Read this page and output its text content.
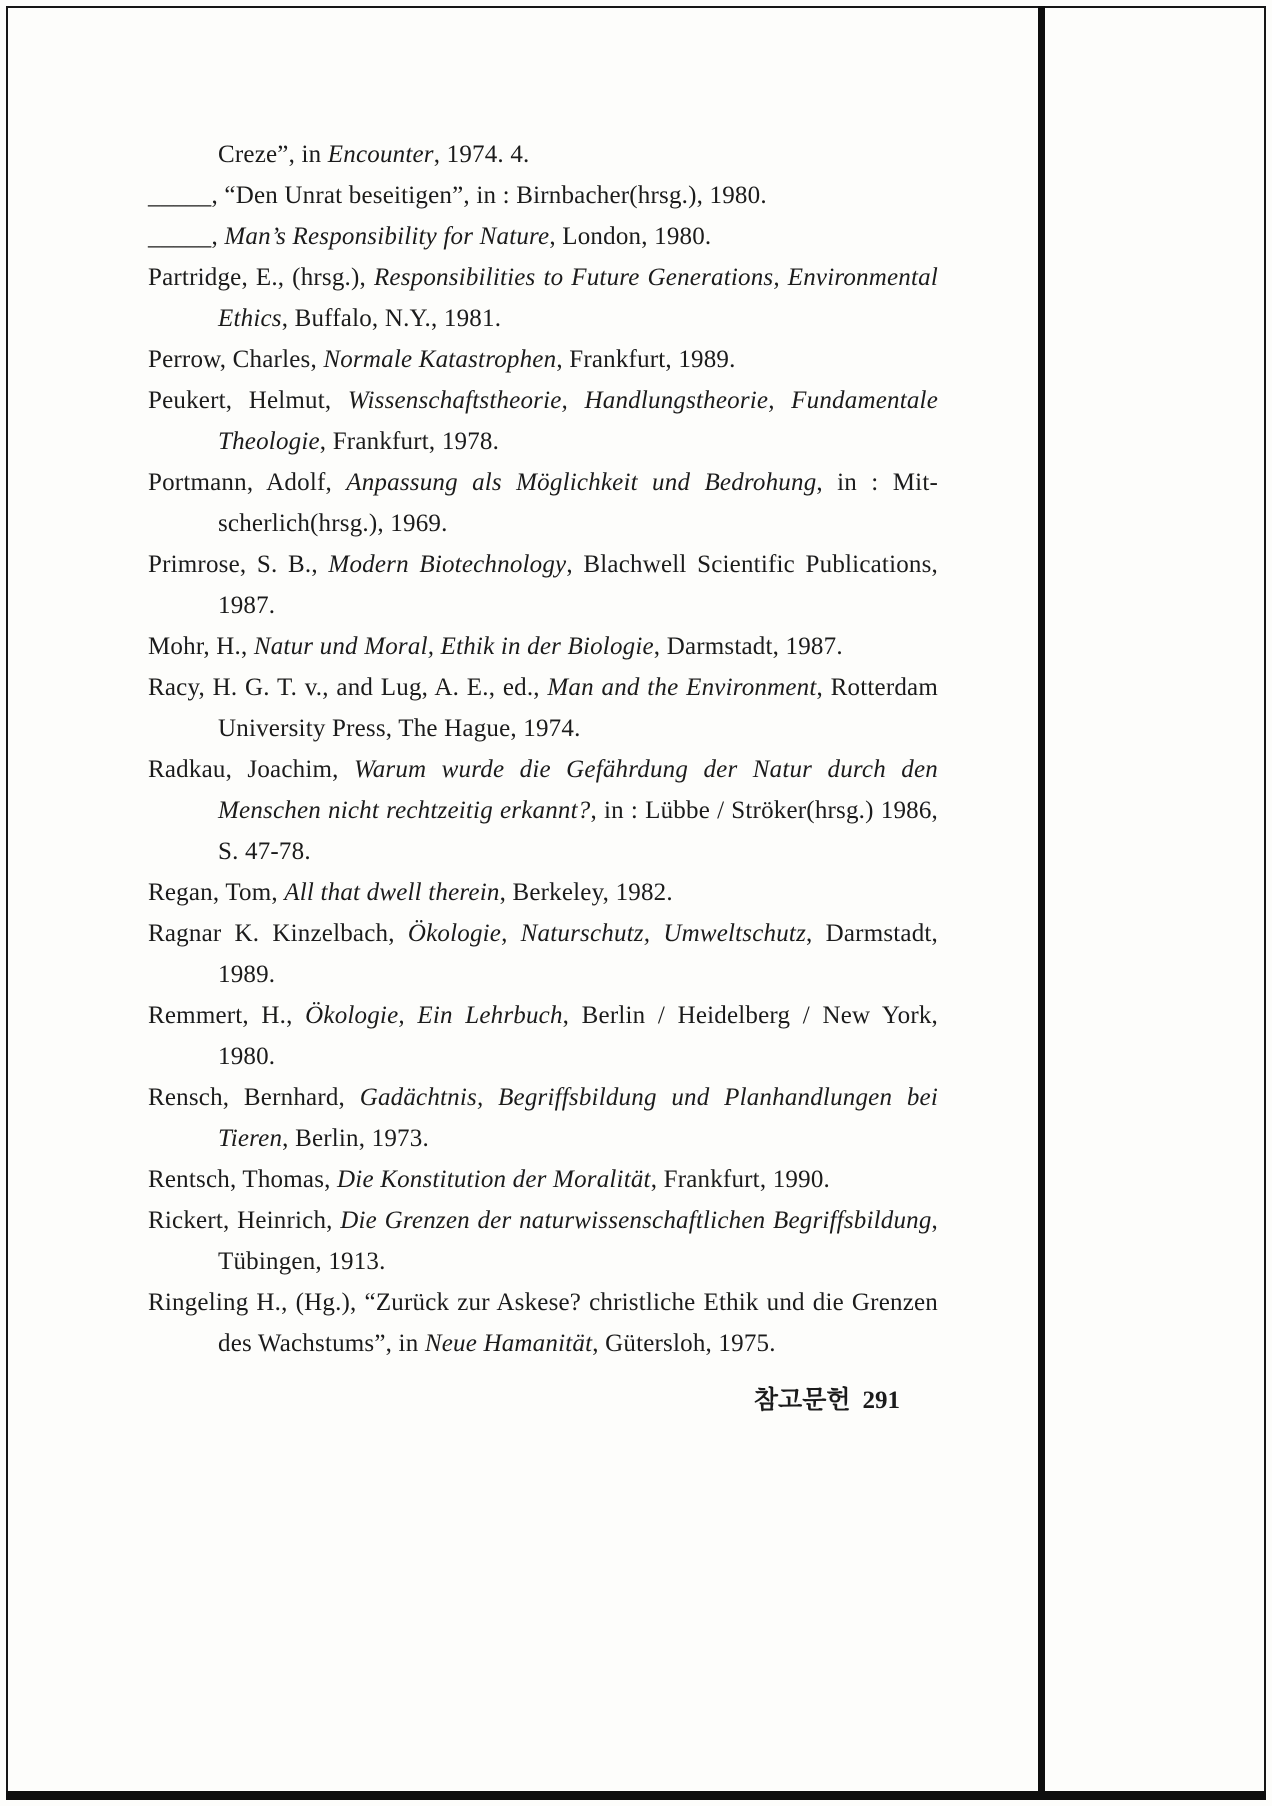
Creze”, in Encounter, 1974. 4.

_____, “Den Unrat beseitigen”, in : Birnbacher(hrsg.), 1980.

_____, Man’s Responsibility for Nature, London, 1980.

Partridge, E., (hrsg.), Responsibilities to Future Generations, Environmental Ethics, Buffalo, N.Y., 1981.

Perrow, Charles, Normale Katastrophen, Frankfurt, 1989.

Peukert, Helmut, Wissenschaftstheorie, Handlungstheorie, Fundamentale Theologie, Frankfurt, 1978.

Portmann, Adolf, Anpassung als Möglichkeit und Bedrohung, in : Mit-scherlich(hrsg.), 1969.

Primrose, S. B., Modern Biotechnology, Blachwell Scientific Publications, 1987.

Mohr, H., Natur und Moral, Ethik in der Biologie, Darmstadt, 1987.

Racy, H. G. T. v., and Lug, A. E., ed., Man and the Environment, Rotterdam University Press, The Hague, 1974.

Radkau, Joachim, Warum wurde die Gefährdung der Natur durch den Menschen nicht rechtzeitig erkannt?, in : Lübbe / Ströker(hrsg.) 1986, S. 47-78.

Regan, Tom, All that dwell therein, Berkeley, 1982.

Ragnar K. Kinzelbach, Ökologie, Naturschutz, Umweltschutz, Darmstadt, 1989.

Remmert, H., Ökologie, Ein Lehrbuch, Berlin / Heidelberg / New York, 1980.

Rensch, Bernhard, Gadächtnis, Begriffsbildung und Planhandlungen bei Tieren, Berlin, 1973.

Rentsch, Thomas, Die Konstitution der Moralität, Frankfurt, 1990.

Rickert, Heinrich, Die Grenzen der naturwissenschaftlichen Begriffsbildung, Tübingen, 1913.

Ringeling H., (Hg.), “Zurück zur Askese? christliche Ethik und die Grenzen des Wachstums”, in Neue Hamanität, Gütersloh, 1975.

참고문헌 291
